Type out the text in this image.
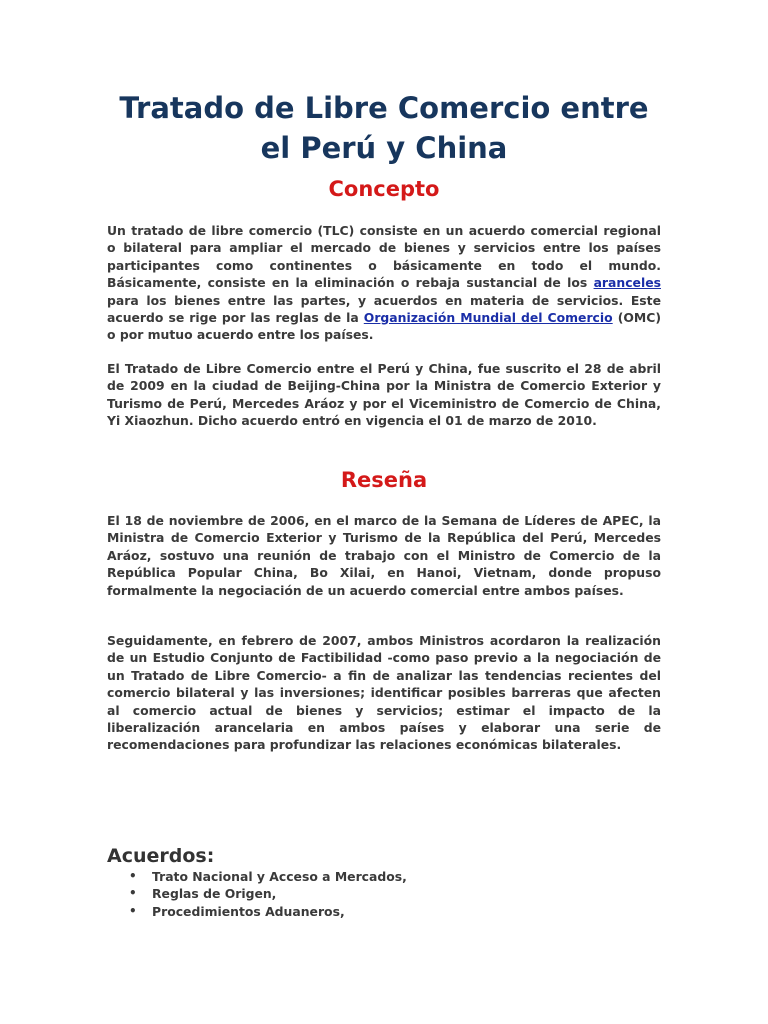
Tratado de Libre Comercio entre
el Perú y China
Concepto

Un tratado de libre comercio (TLC) consiste en un acuerdo comercial regional o bilateral para ampliar el mercado de bienes y servicios entre los países participantes como continentes o básicamente en todo el mundo. Básicamente, consiste en la eliminación o rebaja sustancial de los aranceles para los bienes entre las partes, y acuerdos en materia de servicios. Este acuerdo se rige por las reglas de la Organización Mundial del Comercio (OMC) o por mutuo acuerdo entre los países.

El Tratado de Libre Comercio entre el Perú y China, fue suscrito el 28 de abril de 2009 en la ciudad de Beijing-China por la Ministra de Comercio Exterior y Turismo de Perú, Mercedes Aráoz y por el Viceministro de Comercio de China, Yi Xiaozhun. Dicho acuerdo entró en vigencia el 01 de marzo de 2010.

Reseña

El 18 de noviembre de 2006, en el marco de la Semana de Líderes de APEC, la Ministra de Comercio Exterior y Turismo de la República del Perú, Mercedes Aráoz, sostuvo una reunión de trabajo con el Ministro de Comercio de la República Popular China, Bo Xilai, en Hanoi, Vietnam, donde propuso formalmente la negociación de un acuerdo comercial entre ambos países.

Seguidamente, en febrero de 2007, ambos Ministros acordaron la realización de un Estudio Conjunto de Factibilidad -como paso previo a la negociación de un Tratado de Libre Comercio- a fin de analizar las tendencias recientes del comercio bilateral y las inversiones; identificar posibles barreras que afecten al comercio actual de bienes y servicios; estimar el impacto de la liberalización arancelaria en ambos países y elaborar una serie de recomendaciones para profundizar las relaciones económicas bilaterales.

Acuerdos:
• Trato Nacional y Acceso a Mercados,
• Reglas de Origen,
• Procedimientos Aduaneros,
